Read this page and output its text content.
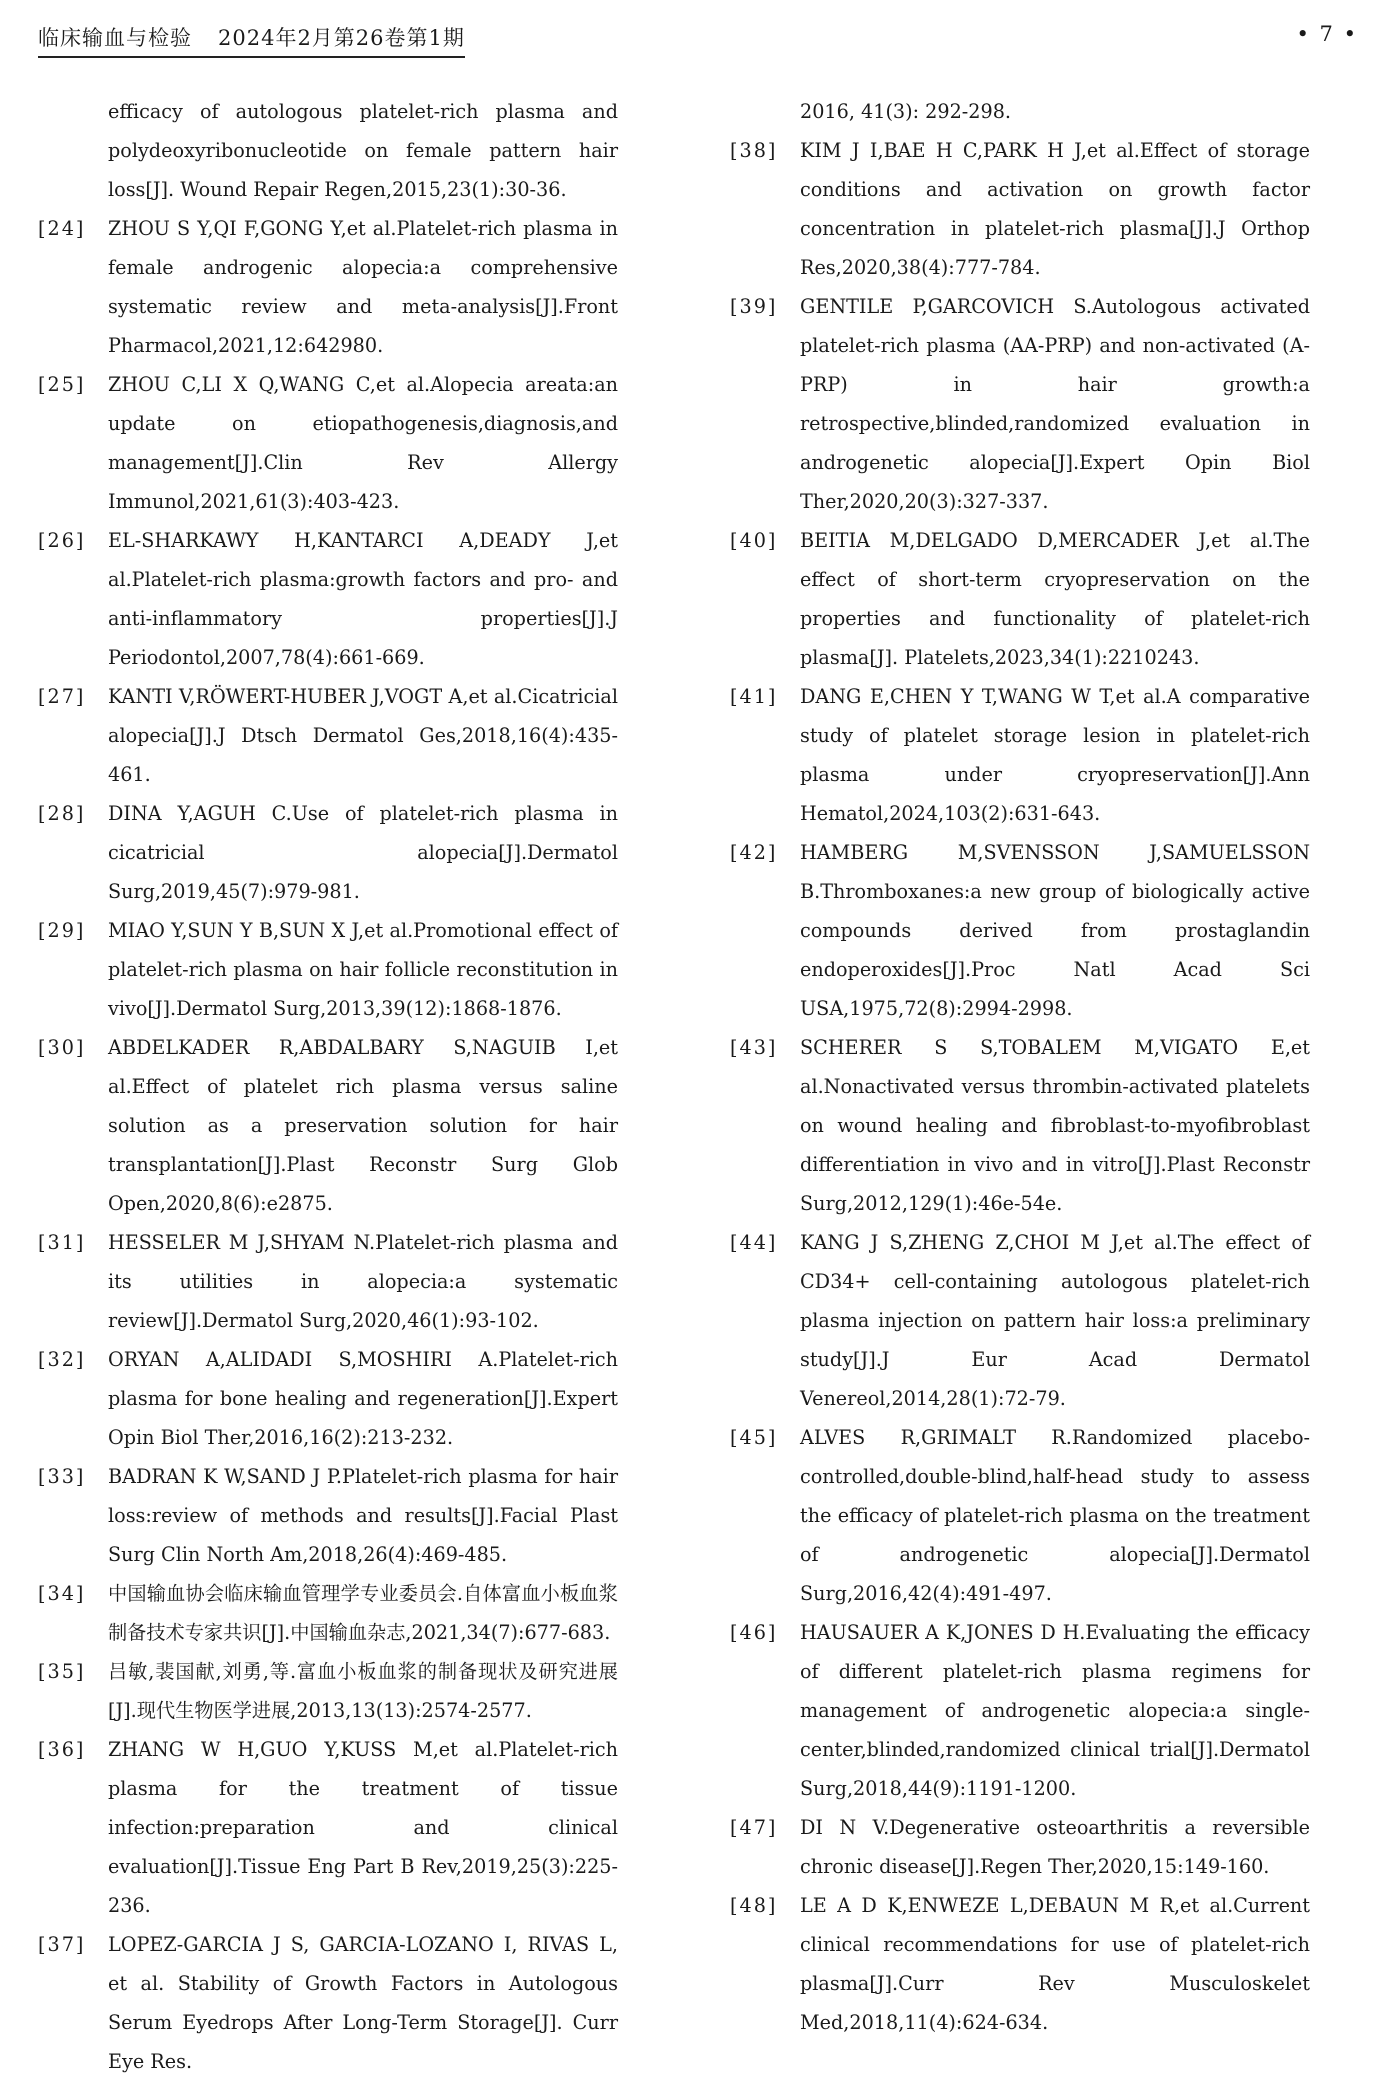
临床输血与检验 2024年2月第26卷第1期	• 7 •

efficacy of autologous platelet-rich plasma and polydeoxyribonucleotide on female pattern hair loss[J]. Wound Repair Regen,2015,23(1):30-36.

[24] ZHOU S Y,QI F,GONG Y,et al.Platelet-rich plasma in female androgenic alopecia:a comprehensive systematic review and meta-analysis[J].Front Pharmacol,2021,12:642980.

[25] ZHOU C,LI X Q,WANG C,et al.Alopecia areata:an update on etiopathogenesis,diagnosis,and management[J].Clin Rev Allergy Immunol,2021,61(3):403-423.

[26] EL-SHARKAWY H,KANTARCI A,DEADY J,et al.Platelet-rich plasma:growth factors and pro- and anti-inflammatory properties[J].J Periodontol,2007,78(4):661-669.

[27] KANTI V,RÖWERT-HUBER J,VOGT A,et al.Cicatricial alopecia[J].J Dtsch Dermatol Ges,2018,16(4):435-461.

[28] DINA Y,AGUH C.Use of platelet-rich plasma in cicatricial alopecia[J].Dermatol Surg,2019,45(7):979-981.

[29] MIAO Y,SUN Y B,SUN X J,et al.Promotional effect of platelet-rich plasma on hair follicle reconstitution in vivo[J].Dermatol Surg,2013,39(12):1868-1876.

[30] ABDELKADER R,ABDALBARY S,NAGUIB I,et al.Effect of platelet rich plasma versus saline solution as a preservation solution for hair transplantation[J].Plast Reconstr Surg Glob Open,2020,8(6):e2875.

[31] HESSELER M J,SHYAM N.Platelet-rich plasma and its utilities in alopecia:a systematic review[J].Dermatol Surg,2020,46(1):93-102.

[32] ORYAN A,ALIDADI S,MOSHIRI A.Platelet-rich plasma for bone healing and regeneration[J].Expert Opin Biol Ther,2016,16(2):213-232.

[33] BADRAN K W,SAND J P.Platelet-rich plasma for hair loss:review of methods and results[J].Facial Plast Surg Clin North Am,2018,26(4):469-485.

[34] 中国输血协会临床输血管理学专业委员会.自体富血小板血浆制备技术专家共识[J].中国输血杂志,2021,34(7):677-683.

[35] 吕敏,裴国献,刘勇,等.富血小板血浆的制备现状及研究进展[J].现代生物医学进展,2013,13(13):2574-2577.

[36] ZHANG W H,GUO Y,KUSS M,et al.Platelet-rich plasma for the treatment of tissue infection:preparation and clinical evaluation[J].Tissue Eng Part B Rev,2019,25(3):225-236.

[37] LOPEZ-GARCIA J S, GARCIA-LOZANO I, RIVAS L, et al. Stability of Growth Factors in Autologous Serum Eyedrops After Long-Term Storage[J]. Curr Eye Res.

2016, 41(3): 292-298.

[38] KIM J I,BAE H C,PARK H J,et al.Effect of storage conditions and activation on growth factor concentration in platelet-rich plasma[J].J Orthop Res,2020,38(4):777-784.

[39] GENTILE P,GARCOVICH S.Autologous activated platelet-rich plasma (AA-PRP) and non-activated (A-PRP) in hair growth:a retrospective,blinded,randomized evaluation in androgenetic alopecia[J].Expert Opin Biol Ther,2020,20(3):327-337.

[40] BEITIA M,DELGADO D,MERCADER J,et al.The effect of short-term cryopreservation on the properties and functionality of platelet-rich plasma[J]. Platelets,2023,34(1):2210243.

[41] DANG E,CHEN Y T,WANG W T,et al.A comparative study of platelet storage lesion in platelet-rich plasma under cryopreservation[J].Ann Hematol,2024,103(2):631-643.

[42] HAMBERG M,SVENSSON J,SAMUELSSON B.Thromboxanes:a new group of biologically active compounds derived from prostaglandin endoperoxides[J].Proc Natl Acad Sci USA,1975,72(8):2994-2998.

[43] SCHERER S S,TOBALEM M,VIGATO E,et al.Nonactivated versus thrombin-activated platelets on wound healing and fibroblast-to-myofibroblast differentiation in vivo and in vitro[J].Plast Reconstr Surg,2012,129(1):46e-54e.

[44] KANG J S,ZHENG Z,CHOI M J,et al.The effect of CD34+ cell-containing autologous platelet-rich plasma injection on pattern hair loss:a preliminary study[J].J Eur Acad Dermatol Venereol,2014,28(1):72-79.

[45] ALVES R,GRIMALT R.Randomized placebo-controlled,double-blind,half-head study to assess the efficacy of platelet-rich plasma on the treatment of androgenetic alopecia[J].Dermatol Surg,2016,42(4):491-497.

[46] HAUSAUER A K,JONES D H.Evaluating the efficacy of different platelet-rich plasma regimens for management of androgenetic alopecia:a single-center,blinded,randomized clinical trial[J].Dermatol Surg,2018,44(9):1191-1200.

[47] DI N V.Degenerative osteoarthritis a reversible chronic disease[J].Regen Ther,2020,15:149-160.

[48] LE A D K,ENWEZE L,DEBAUN M R,et al.Current clinical recommendations for use of platelet-rich plasma[J].Curr Rev Musculoskelet Med,2018,11(4):624-634.
